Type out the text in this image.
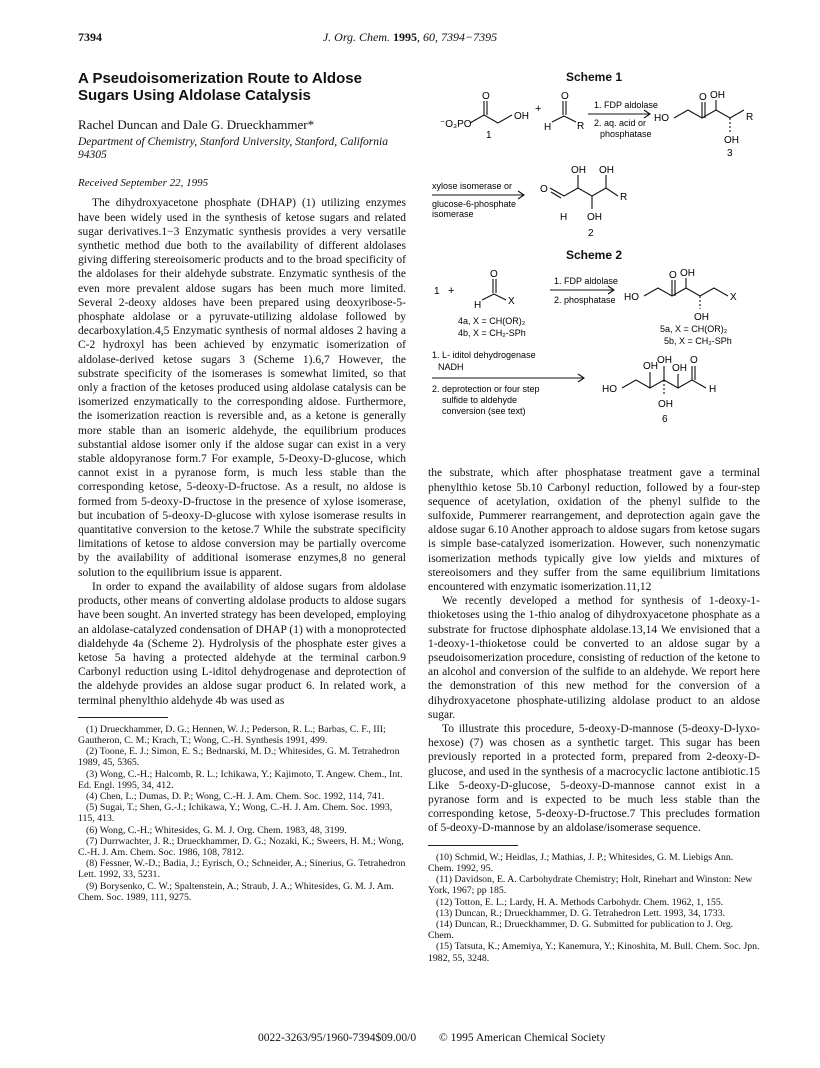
7394	J. Org. Chem. 1995, 60, 7394−7395
A Pseudoisomerization Route to Aldose Sugars Using Aldolase Catalysis
Rachel Duncan and Dale G. Drueckhammer*
Department of Chemistry, Stanford University, Stanford, California 94305
Received September 22, 1995

The dihydroxyacetone phosphate (DHAP) (1) utilizing enzymes have been widely used in the synthesis of ketose sugars and related sugar derivatives.1−3 Enzymatic synthesis provides a very versatile synthetic method due both to the availability of different aldolases giving differing stereoisomeric products and to the broad specificity of the aldolases for their aldehyde substrate. Enzymatic synthesis of the even more prevalent aldose sugars has been much more limited. Several 2-deoxy aldoses have been prepared using deoxyribose-5-phosphate aldolase or a pyruvate-utilizing aldolase followed by decarboxylation.4,5 Enzymatic synthesis of normal aldoses 2 having a C-2 hydroxyl has been achieved by enzymatic isomerization of aldolase-derived ketose sugars 3 (Scheme 1).6,7 However, the substrate specificity of the isomerases is somewhat limited, so that only a fraction of the ketoses produced using aldolase catalysis can be isomerized enzymatically to the corresponding aldose. Furthermore, the isomerization reaction is reversible and, as a ketone is generally more stable than an isomeric aldehyde, the equilibrium produces substantial aldose isomer only if the aldose sugar can exist in a very stable aldopyranose form.7 For example, 5-Deoxy-D-glucose, which cannot exist in a pyranose form, is much less stable than the corresponding ketose, 5-deoxy-D-fructose. As a result, no aldose is formed from 5-deoxy-D-fructose in the presence of xylose isomerase, but incubation of 5-deoxy-D-glucose with xylose isomerase results in quantitative conversion to the ketose.7 While the substrate specificity limitations of ketose to aldose conversion may be partially overcome by the availability of additional isomerase enzymes,8 no general solution to the equilibrium issue is apparent.

In order to expand the availability of aldose sugars from aldolase products, other means of converting aldolase products to aldose sugars have been sought. An inverted strategy has been developed, employing an aldolase-catalyzed condensation of DHAP (1) with a monoprotected dialdehyde 4a (Scheme 2). Hydrolysis of the phosphate ester gives a ketose 5a having a protected aldehyde at the terminal carbon.9 Carbonyl reduction using L-iditol dehydrogenase and deprotection of the aldehyde provides an aldose sugar product 6. In related work, a terminal phenylthio aldehyde 4b was used as

(1) Drueckhammer, D. G.; Hennen, W. J.; Pederson, R. L.; Barbas, C. F., III; Gautheron, C. M.; Krach, T.; Wong, C.-H. Synthesis 1991, 499.
(2) Toone, E. J.; Simon, E. S.; Bednarski, M. D.; Whitesides, G. M. Tetrahedron 1989, 45, 5365.
(3) Wong, C.-H.; Halcomb, R. L.; Ichikawa, Y.; Kajimoto, T. Angew. Chem., Int. Ed. Engl. 1995, 34, 412.
(4) Chen, L.; Dumas, D. P.; Wong, C.-H. J. Am. Chem. Soc. 1992, 114, 741.
(5) Sugai, T.; Shen, G.-J.; Ichikawa, Y.; Wong, C.-H. J. Am. Chem. Soc. 1993, 115, 413.
(6) Wong, C.-H.; Whitesides, G. M. J. Org. Chem. 1983, 48, 3199.
(7) Durrwachter, J. R.; Drueckhammer, D. G.; Nozaki, K.; Sweers, H. M.; Wong, C.-H. J. Am. Chem. Soc. 1986, 108, 7812.
(8) Fessner, W.-D.; Badia, J.; Eyrisch, O.; Schneider, A.; Sinerius, G. Tetrahedron Lett. 1992, 33, 5231.
(9) Borysenko, C. W.; Spaltenstein, A.; Straub, J. A.; Whitesides, G. M. J. Am. Chem. Soc. 1989, 111, 9275.
Scheme 1
⁻O₃PO
O
OH
+
H
O
R
1
1. FDP aldolase
2. aq. acid or
phosphatase
HO
O OH
R
OH
3
xylose isomerase or
glucose-6-phosphate
isomerase
O
OH OH
R
H OH
2
Scheme 2
1 +
H
O
X
1. FDP aldolase
2. phosphatase
4a, X = CH(OR)₂
4b, X = CH₂-SPh
HO
O OH
X
OH
5a, X = CH(OR)₂
5b, X = CH₂-SPh
1. L- iditol dehydrogenase
NADH
2. deprotection or four step
sulfide to aldehyde
conversion (see text)
HO
OH
OH
OH
O
H
OH
6

the substrate, which after phosphatase treatment gave a terminal phenylthio ketose 5b.10 Carbonyl reduction, followed by a four-step sequence of acetylation, oxidation of the phenyl sulfide to the sulfoxide, Pummerer rearrangement, and deprotection again gave the aldose sugar 6.10 Another approach to aldose sugars from ketose sugars is simple base-catalyzed isomerization. However, such nonenzymatic isomerization methods typically give low yields and mixtures of stereoisomers and they suffer from the same equilibrium limitations encountered with enzymatic isomerization.11,12

We recently developed a method for synthesis of 1-deoxy-1-thioketoses using the 1-thio analog of dihydroxyacetone phosphate as a substrate for fructose diphosphate aldolase.13,14 We envisioned that a 1-deoxy-1-thioketose could be converted to an aldose sugar by a pseudoisomerization procedure, consisting of reduction of the ketone to an alcohol and conversion of the sulfide to an aldehyde. We report here the demonstration of this new method for the conversion of a dihydroxyacetone phosphate-utilizing aldolase product to an aldose sugar.

To illustrate this procedure, 5-deoxy-D-mannose (5-deoxy-D-lyxo-hexose) (7) was chosen as a synthetic target. This sugar has been previously reported in a protected form, prepared from 2-deoxy-D-glucose, and used in the synthesis of a macrocyclic lactone antibiotic.15 Like 5-deoxy-D-glucose, 5-deoxy-D-mannose cannot exist in a pyranose form and is expected to be much less stable than the corresponding ketose, 5-deoxy-D-fructose.7 This precludes formation of 5-deoxy-D-mannose by an aldolase/isomerase sequence.

(10) Schmid, W.; Heidlas, J.; Mathias, J. P.; Whitesides, G. M. Liebigs Ann. Chem. 1992, 95.
(11) Davidson, E. A. Carbohydrate Chemistry; Holt, Rinehart and Winston: New York, 1967; pp 185.
(12) Totton, E. L.; Lardy, H. A. Methods Carbohydr. Chem. 1962, 1, 155.
(13) Duncan, R.; Drueckhammer, D. G. Tetrahedron Lett. 1993, 34, 1733.
(14) Duncan, R.; Drueckhammer, D. G. Submitted for publication to J. Org. Chem.
(15) Tatsuta, K.; Amemiya, Y.; Kanemura, Y.; Kinoshita, M. Bull. Chem. Soc. Jpn. 1982, 55, 3248.
0022-3263/95/1960-7394$09.00/0 © 1995 American Chemical Society
